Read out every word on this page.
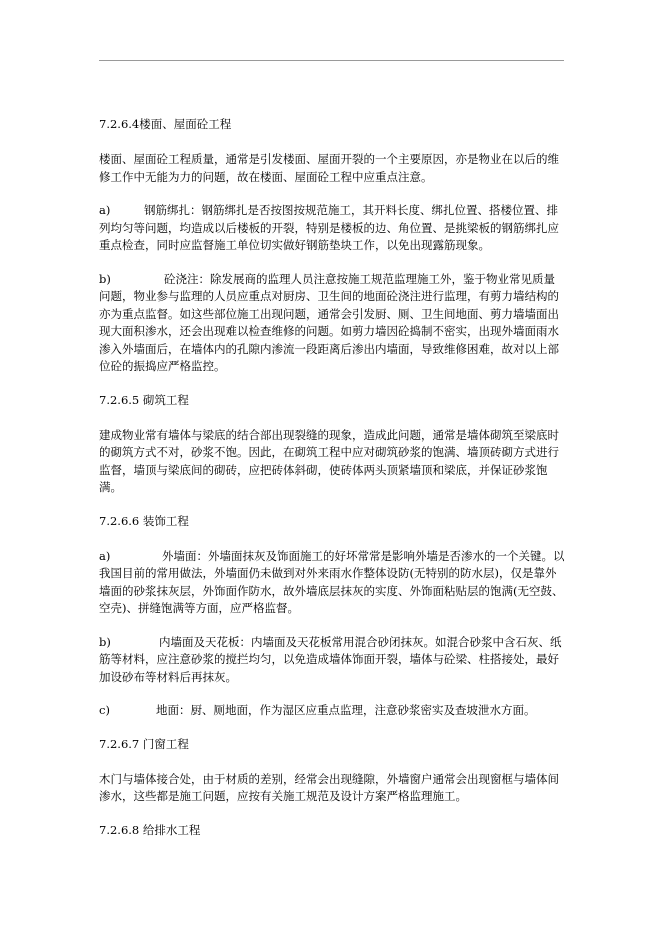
7.2.6.4楼面、屋面砼工程

楼面、屋面砼工程质量，通常是引发楼面、屋面开裂的一个主要原因，亦是物业在以后的维修工作中无能为力的问题，故在楼面、屋面砼工程中应重点注意。

a)	钢筋绑扎：钢筋绑扎是否按图按规范施工，其开料长度、绑扎位置、搭楼位置、排列均匀等问题，均造成以后楼板的开裂，特别是楼板的边、角位置、是挑梁板的钢筋绑扎应重点检查，同时应监督施工单位切实做好钢筋垫块工作，以免出现露筋现象。

b)	砼浇注：除发展商的监理人员注意按施工规范监理施工外，鉴于物业常见质量问题，物业参与监理的人员应重点对厨房、卫生间的地面砼浇注进行监理，有剪力墙结构的亦为重点监督。如这些部位施工出现问题，通常会引发厨、厕、卫生间地面、剪力墙墙面出现大面积渗水，还会出现难以检查维修的问题。如剪力墙因砼捣制不密实，出现外墙面雨水渗入外墙面后，在墙体内的孔隙内渗流一段距离后渗出内墙面，导致维修困难，故对以上部位砼的振捣应严格监控。

7.2.6.5 砌筑工程

建成物业常有墙体与梁底的结合部出现裂缝的现象，造成此问题，通常是墙体砌筑至梁底时的砌筑方式不对，砂浆不饱。因此，在砌筑工程中应对砌筑砂浆的饱满、墙顶砖砌方式进行监督，墙顶与梁底间的砌砖，应把砖体斜砌，使砖体两头顶紧墙顶和梁底，并保证砂浆饱满。

7.2.6.6 装饰工程

a)	外墙面：外墙面抹灰及饰面施工的好坏常常是影响外墙是否渗水的一个关键。以我国目前的常用做法，外墙面仍未做到对外来雨水作整体设防(无特别的防水层)，仅是靠外墙面的砂浆抹灰层，外饰面作防水，故外墙底层抹灰的实度、外饰面粘贴层的饱满(无空鼓、空壳)、拼缝饱满等方面，应严格监督。

b)	内墙面及天花板：内墙面及天花板常用混合砂闭抹灰。如混合砂浆中含石灰、纸筋等材料，应注意砂浆的搅拦均匀，以免造成墙体饰面开裂，墙体与砼梁、柱搭接处，最好加设砂布等材料后再抹灰。

c)	地面：厨、厕地面，作为湿区应重点监理，注意砂浆密实及查坡泄水方面。

7.2.6.7 门窗工程

木门与墙体接合处，由于材质的差别，经常会出现缝隙，外墙窗户通常会出现窗框与墙体间渗水，这些都是施工问题，应按有关施工规范及设计方案严格监理施工。

7.2.6.8 给排水工程
